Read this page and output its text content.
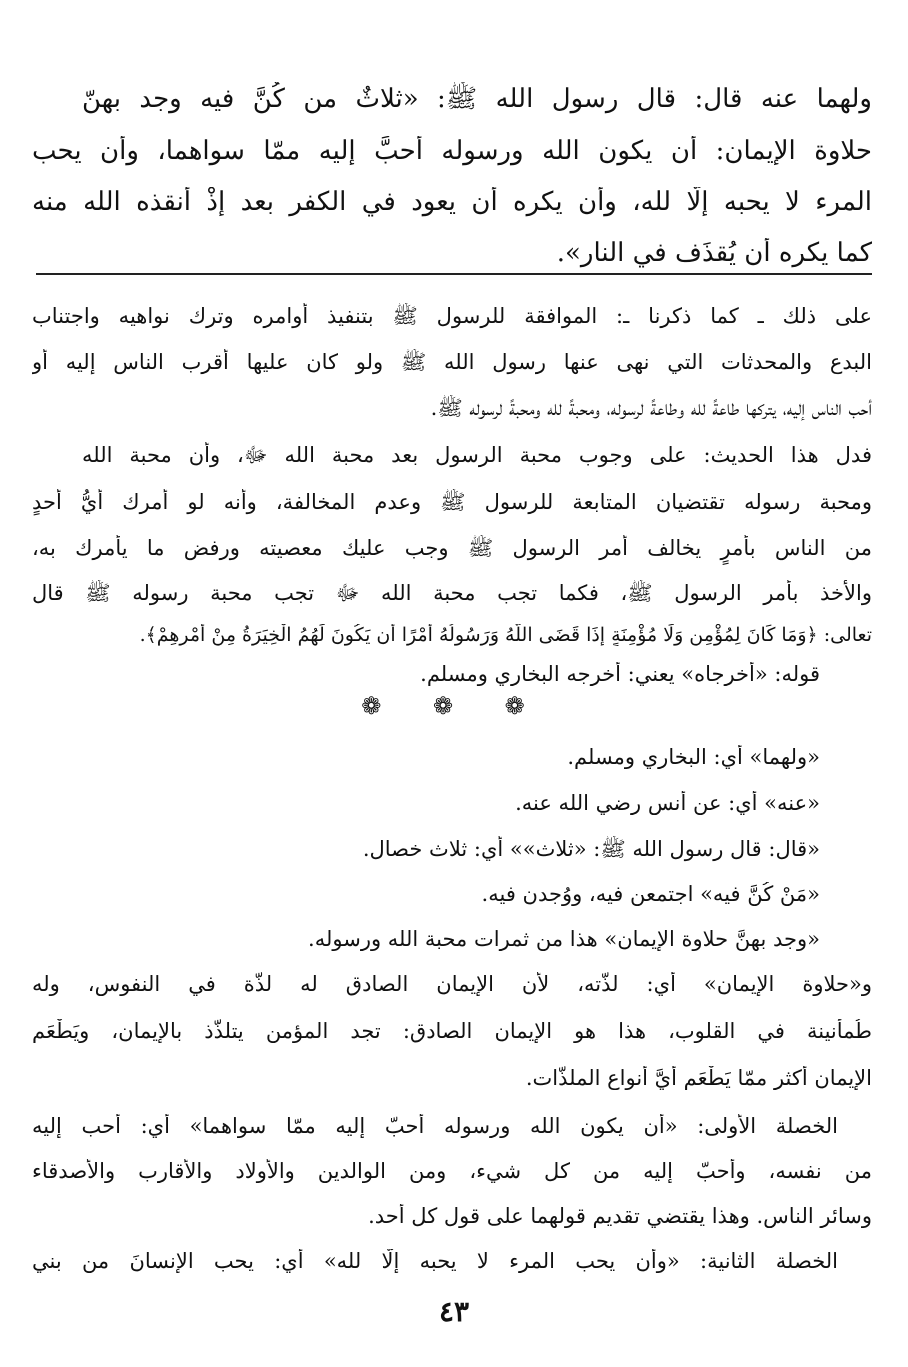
ولهما عنه قال: قال رسول الله ﷺ: «ثلاثٌ من كُنَّ فيه وجد بهنّ
حلاوة الإيمان: أن يكون الله ورسوله أحبَّ إليه ممّا سواهما، وأن يحب
المرء لا يحبه إلّا لله، وأن يكره أن يعود في الكفر بعد إذْ أنقذه الله منه
كما يكره أن يُقذَف في النار».
على ذلك ـ كما ذكرنا ـ: الموافقة للرسول ﷺ بتنفيذ أوامره وترك نواهيه واجتناب
البدع والمحدثات التي نهى عنها رسول الله ﷺ ولو كان عليها أقرب الناس إليه أو
أحب الناس إليه، يتركها طاعةً لله وطاعةً لرسوله، ومحبةً لله ومحبةً لرسوله ﷺ.
فدل هذا الحديث: على وجوب محبة الرسول بعد محبة الله ﷻ، وأن محبة الله
ومحبة رسوله تقتضيان المتابعة للرسول ﷺ وعدم المخالفة، وأنه لو أمرك أيُّ أحدٍ
من الناس بأمرٍ يخالف أمر الرسول ﷺ وجب عليك معصيته ورفض ما يأمرك به،
والأخذ بأمر الرسول ﷺ، فكما تجب محبة الله ﷻ تجب محبة رسوله ﷺ قال
تعالى: ﴿وَمَا كَانَ لِمُؤْمِنٍ وَلَا مُؤْمِنَةٍ إِذَا قَضَى اللَّهُ وَرَسُولُهُ أَمْرًا أَن يَكُونَ لَهُمُ الْخِيَرَةُ مِنْ أَمْرِهِمْ﴾.
قوله: «أخرجاه» يعني: أخرجه البخاري ومسلم.
❁ ❁ ❁
«ولهما» أي: البخاري ومسلم.
«عنه» أي: عن أنس رضي الله عنه.
«قال: قال رسول الله ﷺ: «ثلاث»» أي: ثلاث خصال.
«مَنْ كُنَّ فيه» اجتمعن فيه، ووُجدن فيه.
«وجد بهنَّ حلاوة الإيمان» هذا من ثمرات محبة الله ورسوله.
و«حلاوة الإيمان» أي: لذّته، لأن الإيمان الصادق له لذّة في النفوس، وله
طُمأنينة في القلوب، هذا هو الإيمان الصادق: تجد المؤمن يتلذّذ بالإيمان، ويَطْعَم
الإيمان أكثر ممّا يَطْعَم أيَّ أنواع الملذّات.
الخصلة الأولى: «أن يكون الله ورسوله أحبّ إليه ممّا سواهما» أي: أحب إليه
من نفسه، وأحبّ إليه من كل شيء، ومن الوالدين والأولاد والأقارب والأصدقاء
وسائر الناس. وهذا يقتضي تقديم قولهما على قول كل أحد.
الخصلة الثانية: «وأن يحب المرء لا يحبه إلّا لله» أي: يحب الإنسانَ من بني
٤٣
